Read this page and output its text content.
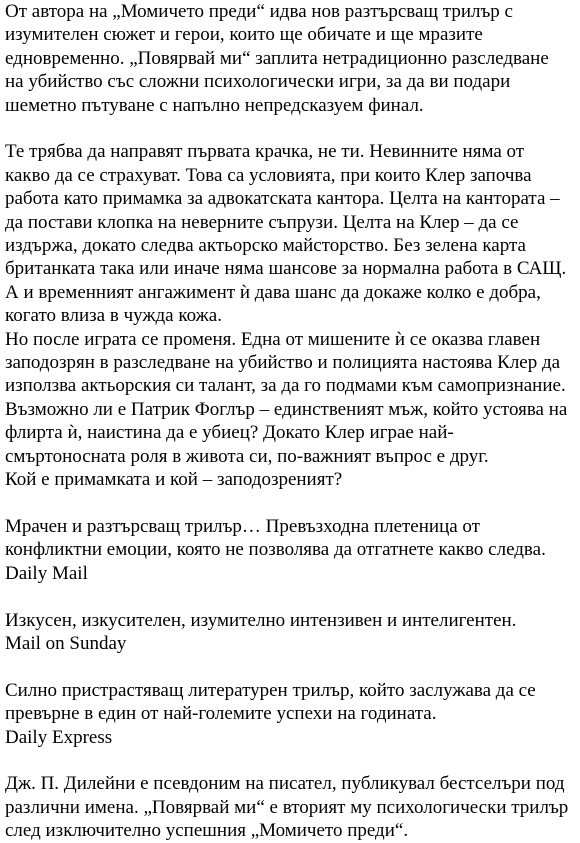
От автора на „Момичето преди“ идва нов разтърсващ трилър с
изумителен сюжет и герои, които ще обичате и ще мразите
едновременно. „Повярвай ми“ заплита нетрадиционно разследване
на убийство със сложни психологически игри, за да ви подари
шеметно пътуване с напълно непредсказуем финал.
Те трябва да направят първата крачка, не ти. Невинните няма от
какво да се страхуват. Това са условията, при които Клер започва
работа като примамка за адвокатската кантора. Целта на кантората –
да постави клопка на неверните съпрузи. Целта на Клер – да се
издържа, докато следва актьорско майсторство. Без зелена карта
британката така или иначе няма шансове за нормална работа в САЩ.
А и временният ангажимент ѝ дава шанс да докаже колко е добра,
когато влиза в чужда кожа.
Но после играта се променя. Една от мишените ѝ се оказва главен
заподозрян в разследване на убийство и полицията настоява Клер да
използва актьорския си талант, за да го подмами към самопризнание.
Възможно ли е Патрик Фоглър – единственият мъж, който устоява на
флирта ѝ, наистина да е убиец? Докато Клер играе най-
смъртоносната роля в живота си, по-важният въпрос е друг.
Кой е примамката и кой – заподозреният?
Мрачен и разтърсващ трилър… Превъзходна плетеница от
конфликтни емоции, която не позволява да отгатнете какво следва.
Daily Mail
Изкусен, изкусителен, изумително интензивен и интелигентен.
Mail on Sunday
Силно пристрастяващ литературен трилър, който заслужава да се
превърне в един от най-големите успехи на годината.
Daily Express
Дж. П. Дилейни е псевдоним на писател, публикувал бестселъри под
различни имена. „Повярвай ми“ е вторият му психологически трилър
след изключително успешния „Момичето преди“.
